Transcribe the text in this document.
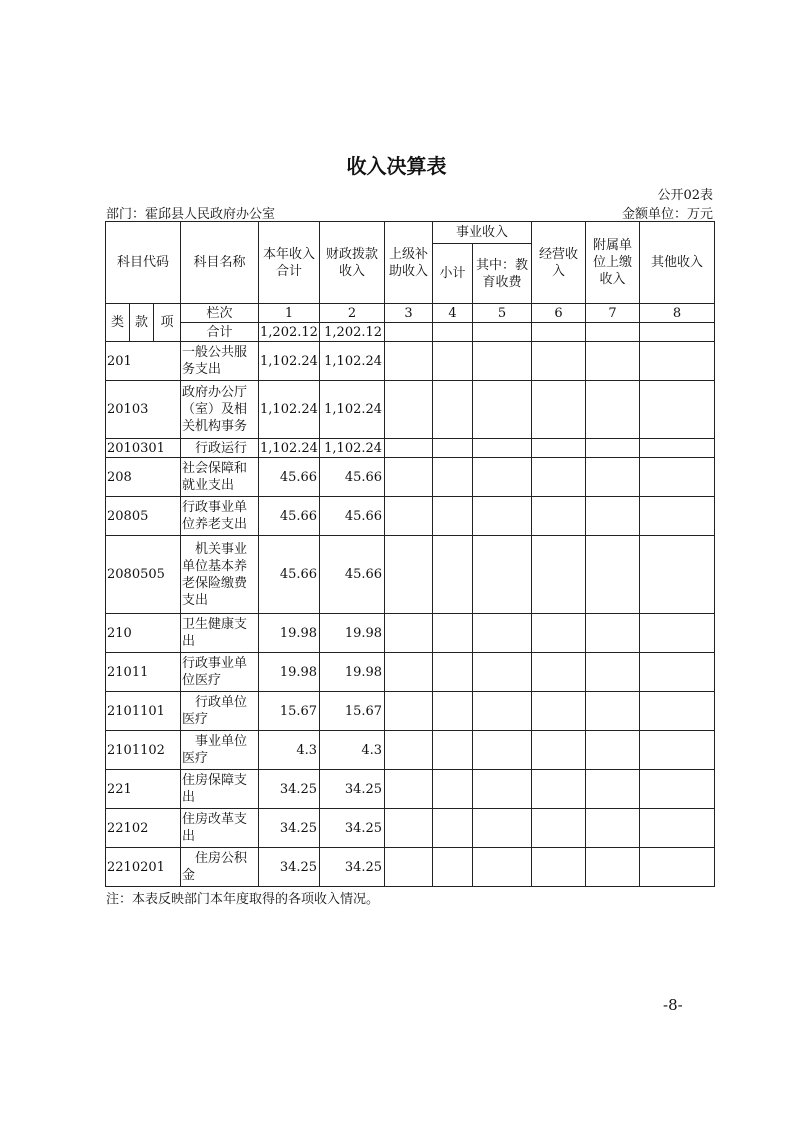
收入决算表
公开02表
部门：霍邱县人民政府办公室	金额单位：万元
科目代码			科目名称	本年收入合计	财政拨款收入	上级补助收入	事业收入		经营收入	附属单位上缴收入	其他收入
							小计	其中：教育收费			
类	款	项	栏次	1	2	3	4	5	6	7	8
			合计	1,202.12	1,202.12						
201			一般公共服务支出	1,102.24	1,102.24						
20103			政府办公厅（室）及相关机构事务	1,102.24	1,102.24						
2010301			行政运行	1,102.24	1,102.24						
208			社会保障和就业支出	45.66	45.66						
20805			行政事业单位养老支出	45.66	45.66						
2080505			机关事业单位基本养老保险缴费支出	45.66	45.66						
210			卫生健康支出	19.98	19.98						
21011			行政事业单位医疗	19.98	19.98						
2101101			行政单位医疗	15.67	15.67						
2101102			事业单位医疗	4.3	4.3						
221			住房保障支出	34.25	34.25						
22102			住房改革支出	34.25	34.25						
2210201			住房公积金	34.25	34.25						
注：本表反映部门本年度取得的各项收入情况。
-8-
